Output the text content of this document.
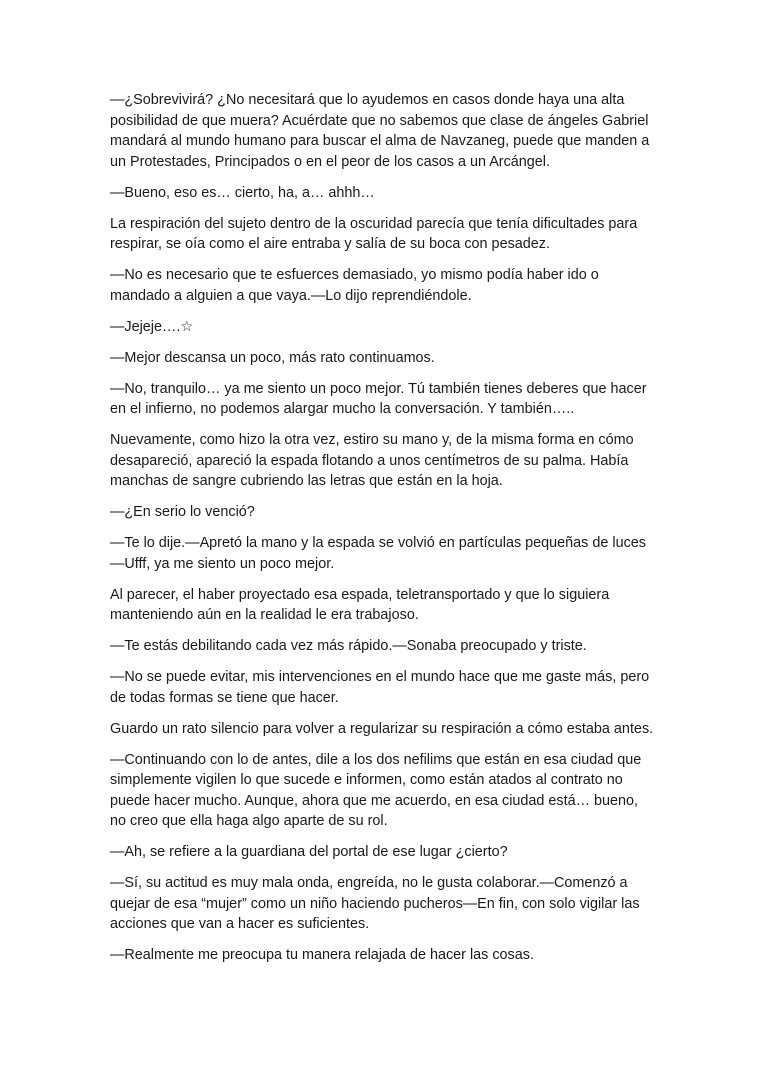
—¿Sobrevivirá? ¿No necesitará que lo ayudemos en casos donde haya una alta posibilidad de que muera? Acuérdate que no sabemos que clase de ángeles Gabriel mandará al mundo humano para buscar el alma de Navzaneg, puede que manden a un Protestades, Principados o en el peor de los casos a un Arcángel.

—Bueno, eso es… cierto, ha, a… ahhh…

La respiración del sujeto dentro de la oscuridad parecía que tenía dificultades para respirar, se oía como el aire entraba y salía de su boca con pesadez.

—No es necesario que te esfuerces demasiado, yo mismo podía haber ido o mandado a alguien a que vaya.—Lo dijo reprendiéndole.

—Jejeje….☆

—Mejor descansa un poco, más rato continuamos.

—No, tranquilo… ya me siento un poco mejor. Tú también tienes deberes que hacer en el infierno, no podemos alargar mucho la conversación. Y también…..

Nuevamente, como hizo la otra vez, estiro su mano y, de la misma forma en cómo desapareció, apareció la espada flotando a unos centímetros de su palma. Había manchas de sangre cubriendo las letras que están en la hoja.

—¿En serio lo venció?

—Te lo dije.—Apretó la mano y la espada se volvió en partículas pequeñas de luces—Ufff, ya me siento un poco mejor.

Al parecer, el haber proyectado esa espada, teletransportado y que lo siguiera manteniendo aún en la realidad le era trabajoso.

—Te estás debilitando cada vez más rápido.—Sonaba preocupado y triste.

—No se puede evitar, mis intervenciones en el mundo hace que me gaste más, pero de todas formas se tiene que hacer.

Guardo un rato silencio para volver a regularizar su respiración a cómo estaba antes.

—Continuando con lo de antes, dile a los dos nefilims que están en esa ciudad que simplemente vigilen lo que sucede e informen, como están atados al contrato no puede hacer mucho. Aunque, ahora que me acuerdo, en esa ciudad está… bueno, no creo que ella haga algo aparte de su rol.

—Ah, se refiere a la guardiana del portal de ese lugar ¿cierto?

—Sí, su actitud es muy mala onda, engreída, no le gusta colaborar.—Comenzó a quejar de esa “mujer” como un niño haciendo pucheros—En fin, con solo vigilar las acciones que van a hacer es suficientes.

—Realmente me preocupa tu manera relajada de hacer las cosas.
